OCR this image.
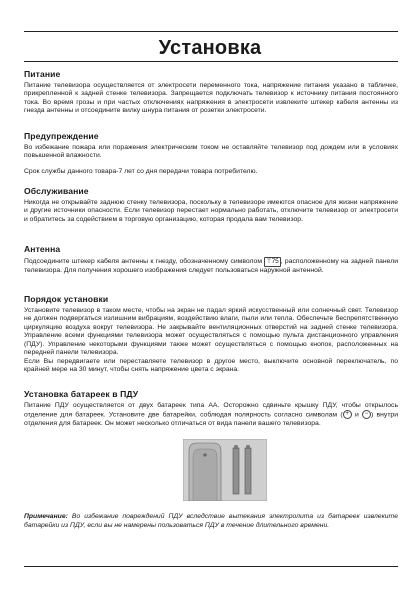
Установка
Питание

Питание телевизора осуществляется от электросети переменного тока, напряжение питания указано в табличке, прикрепленной к задней стенке телевизора. Запрещается подключать телевизор к источнику питания постоянного тока. Во время грозы и при частых отключениях напряжения в электросети извлеките штекер кабеля антенны из гнезда антенны и отсоедините вилку шнура питания от розетки электросети.

Предупреждение

Во избежание пожара или поражения электрическим током не оставляйте телевизор под дождем или в условиях повышенной влажности.

Срок службы данного товара-7 лет со дня передачи товара потребителю.

Обслуживание

Никогда не открывайте заднюю стенку телевизора, поскольку в телевизоре имеются опасное для жизни напряжение и другие источники опасности. Если телевизор перестает нормально работать, отключите телевизор от электросети и обратитесь за содействием в торговую организацию, которая продала вам телевизор.

Антенна

Подсоедините штекер кабеля антенны к гнезду, обозначенному символом ⊤75 , расположенному на задней панели телевизора. Для получения хорошего изображения следует пользоваться наружной антенной.

Порядок установки

Установите телевизор в таком месте, чтобы на экран не падал яркий искусственный или солнечный свет. Телевизор не должен подвергаться излишним вибрациям, воздействию влаги, пыли или тепла. Обеспечьте беспрепятственную циркуляцию воздуха вокруг телевизора. Не закрывайте вентиляционных отверстий на задней стенке телевизора. Управление всеми функциями телевизора может осуществляться с помощью пульта дистанционного управления (ПДУ). Управление некоторыми функциями также может осуществляться с помощью кнопок, расположенных на передней панели телевизора.

Если Вы передвигаете или переставляете телевизор в другое место, выключите основной переключатель, по крайней мере на 30 минут, чтобы снять напряжение цвета с экрана.

Установка батареек в ПДУ

Питание ПДУ осуществляется от двух батареек типа AA. Осторожно сдвиньте крышку ПДУ, чтобы открылось отделение для батареек. Установите две батарейки, соблюдая полярность согласно символам ( + и − ) внутри отделения для батареек. Он может несколько отличаться от вида панели вашего телевизора.

Примечание: Во избежание повреждений ПДУ вследствие вытекания электролита из батареек извлеките батарейки из ПДУ, если вы не намерены пользоваться ПДУ в течение длительного времени.
